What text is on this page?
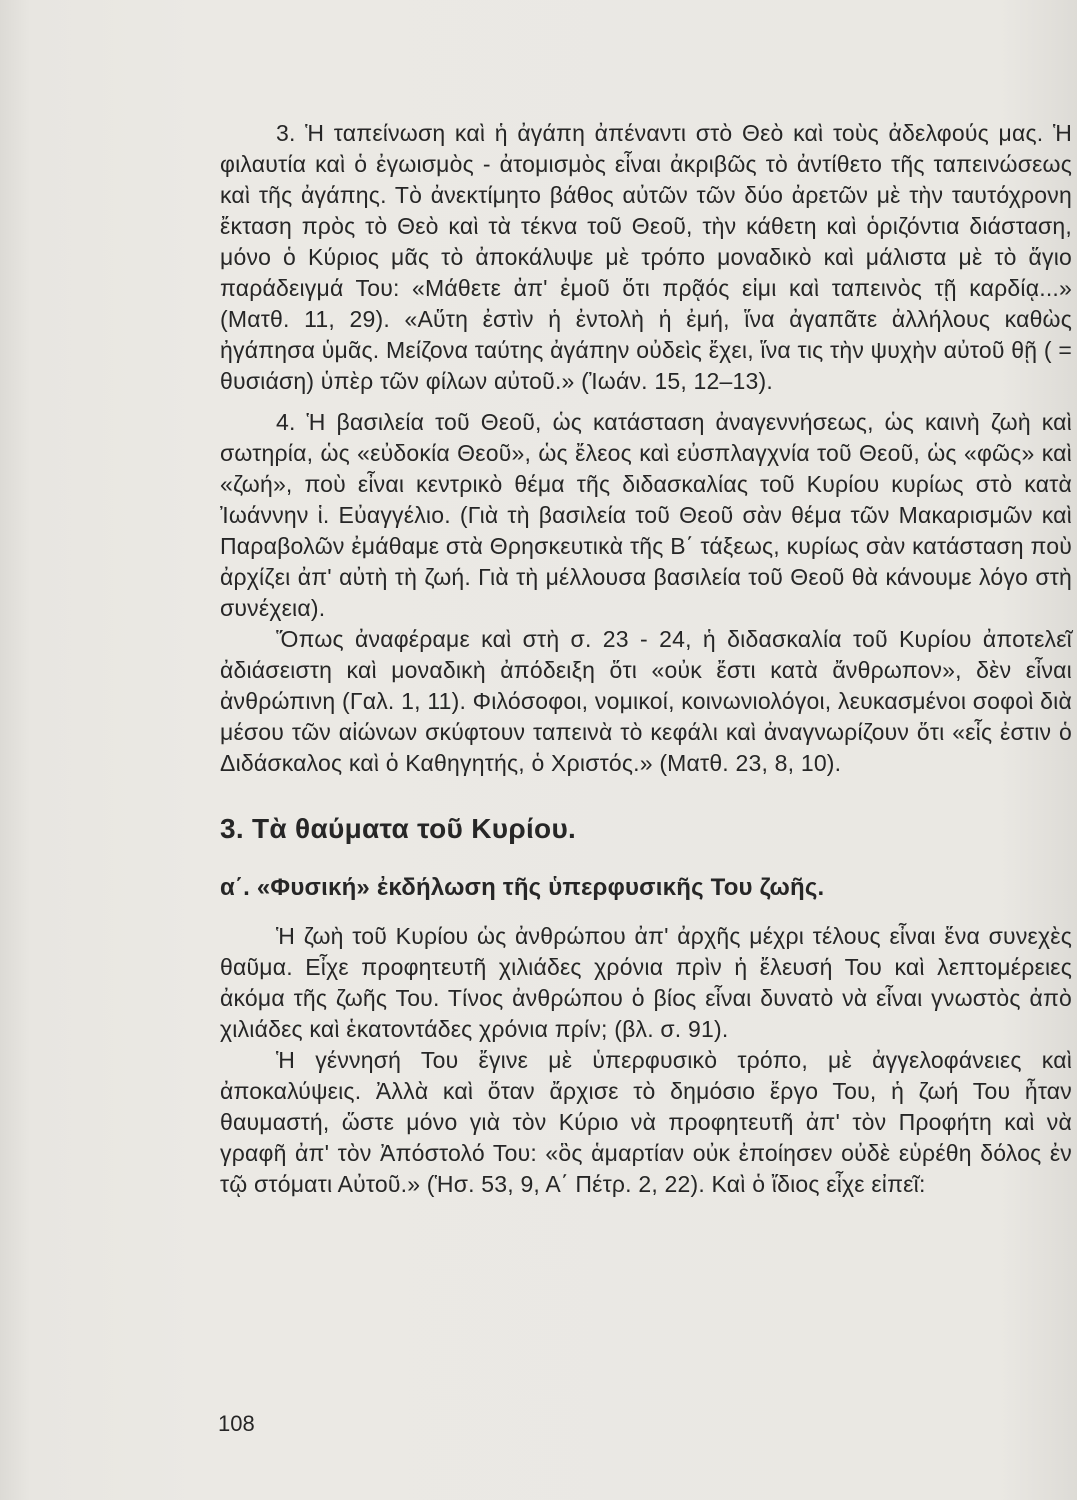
3. Ἡ ταπείνωση καὶ ἡ ἀγάπη ἀπέναντι στὸ Θεὸ καὶ τοὺς ἀδελφούς μας. Ἡ φιλαυτία καὶ ὁ ἐγωισμὸς - ἀτομισμὸς εἶναι ἀκριβῶς τὸ ἀντίθετο τῆς ταπεινώσεως καὶ τῆς ἀγάπης. Τὸ ἀνεκτίμητο βάθος αὐτῶν τῶν δύο ἀρετῶν μὲ τὴν ταυτόχρονη ἔκταση πρὸς τὸ Θεὸ καὶ τὰ τέκνα τοῦ Θεοῦ, τὴν κάθετη καὶ ὁριζόντια διάσταση, μόνο ὁ Κύριος μᾶς τὸ ἀποκάλυψε μὲ τρόπο μοναδικὸ καὶ μάλιστα μὲ τὸ ἅγιο παράδειγμά Του: «Μάθετε ἀπ' ἐμοῦ ὅτι πρᾷός εἰμι καὶ ταπεινὸς τῇ καρδίᾳ...» (Ματθ. 11, 29). «Αὕτη ἐστὶν ἡ ἐντολὴ ἡ ἐμή, ἵνα ἀγαπᾶτε ἀλλήλους καθὼς ἠγάπησα ὑμᾶς. Μείζονα ταύτης ἀγάπην οὐδεὶς ἔχει, ἵνα τις τὴν ψυχὴν αὐτοῦ θῇ ( = θυσιάση) ὑπὲρ τῶν φίλων αὐτοῦ.» (Ἰωάν. 15, 12–13).

4. Ἡ βασιλεία τοῦ Θεοῦ, ὡς κατάσταση ἀναγεννήσεως, ὡς καινὴ ζωὴ καὶ σωτηρία, ὡς «εὐδοκία Θεοῦ», ὡς ἔλεος καὶ εὐσπλαγχνία τοῦ Θεοῦ, ὡς «φῶς» καὶ «ζωή», ποὺ εἶναι κεντρικὸ θέμα τῆς διδασκαλίας τοῦ Κυρίου κυρίως στὸ κατὰ Ἰωάννην ἱ. Εὐαγγέλιο. (Γιὰ τὴ βασιλεία τοῦ Θεοῦ σὰν θέμα τῶν Μακαρισμῶν καὶ Παραβολῶν ἐμάθαμε στὰ Θρησκευτικὰ τῆς Β΄ τάξεως, κυρίως σὰν κατάσταση ποὺ ἀρχίζει ἀπ' αὐτὴ τὴ ζωή. Γιὰ τὴ μέλλουσα βασιλεία τοῦ Θεοῦ θὰ κάνουμε λόγο στὴ συνέχεια).

Ὅπως ἀναφέραμε καὶ στὴ σ. 23 - 24, ἡ διδασκαλία τοῦ Κυρίου ἀποτελεῖ ἀδιάσειστη καὶ μοναδικὴ ἀπόδειξη ὅτι «οὐκ ἔστι κατὰ ἄνθρωπον», δὲν εἶναι ἀνθρώπινη (Γαλ. 1, 11). Φιλόσοφοι, νομικοί, κοινωνιολόγοι, λευκασμένοι σοφοὶ διὰ μέσου τῶν αἰώνων σκύφτουν ταπεινὰ τὸ κεφάλι καὶ ἀναγνωρίζουν ὅτι «εἷς ἐστιν ὁ Διδάσκαλος καὶ ὁ Καθηγητής, ὁ Χριστός.» (Ματθ. 23, 8, 10).

3. Τὰ θαύματα τοῦ Κυρίου.
α΄. «Φυσική» ἐκδήλωση τῆς ὑπερφυσικῆς Του ζωῆς.

Ἡ ζωὴ τοῦ Κυρίου ὡς ἀνθρώπου ἀπ' ἀρχῆς μέχρι τέλους εἶναι ἕνα συνεχὲς θαῦμα. Εἶχε προφητευτῆ χιλιάδες χρόνια πρὶν ἡ ἔλευσή Του καὶ λεπτομέρειες ἀκόμα τῆς ζωῆς Του. Τίνος ἀνθρώπου ὁ βίος εἶναι δυνατὸ νὰ εἶναι γνωστὸς ἀπὸ χιλιάδες καὶ ἑκατοντάδες χρόνια πρίν; (βλ. σ. 91).

Ἡ γέννησή Του ἔγινε μὲ ὑπερφυσικὸ τρόπο, μὲ ἀγγελοφάνειες καὶ ἀποκαλύψεις. Ἀλλὰ καὶ ὅταν ἄρχισε τὸ δημόσιο ἔργο Του, ἡ ζωή Του ἦταν θαυμαστή, ὥστε μόνο γιὰ τὸν Κύριο νὰ προφητευτῆ ἀπ' τὸν Προφήτη καὶ νὰ γραφῆ ἀπ' τὸν Ἀπόστολό Του: «ὃς ἁμαρτίαν οὐκ ἐποίησεν οὐδὲ εὑρέθη δόλος ἐν τῷ στόματι Αὐτοῦ.» (Ἡσ. 53, 9, Α΄ Πέτρ. 2, 22). Καὶ ὁ ἴδιος εἶχε εἰπεῖ:

108
